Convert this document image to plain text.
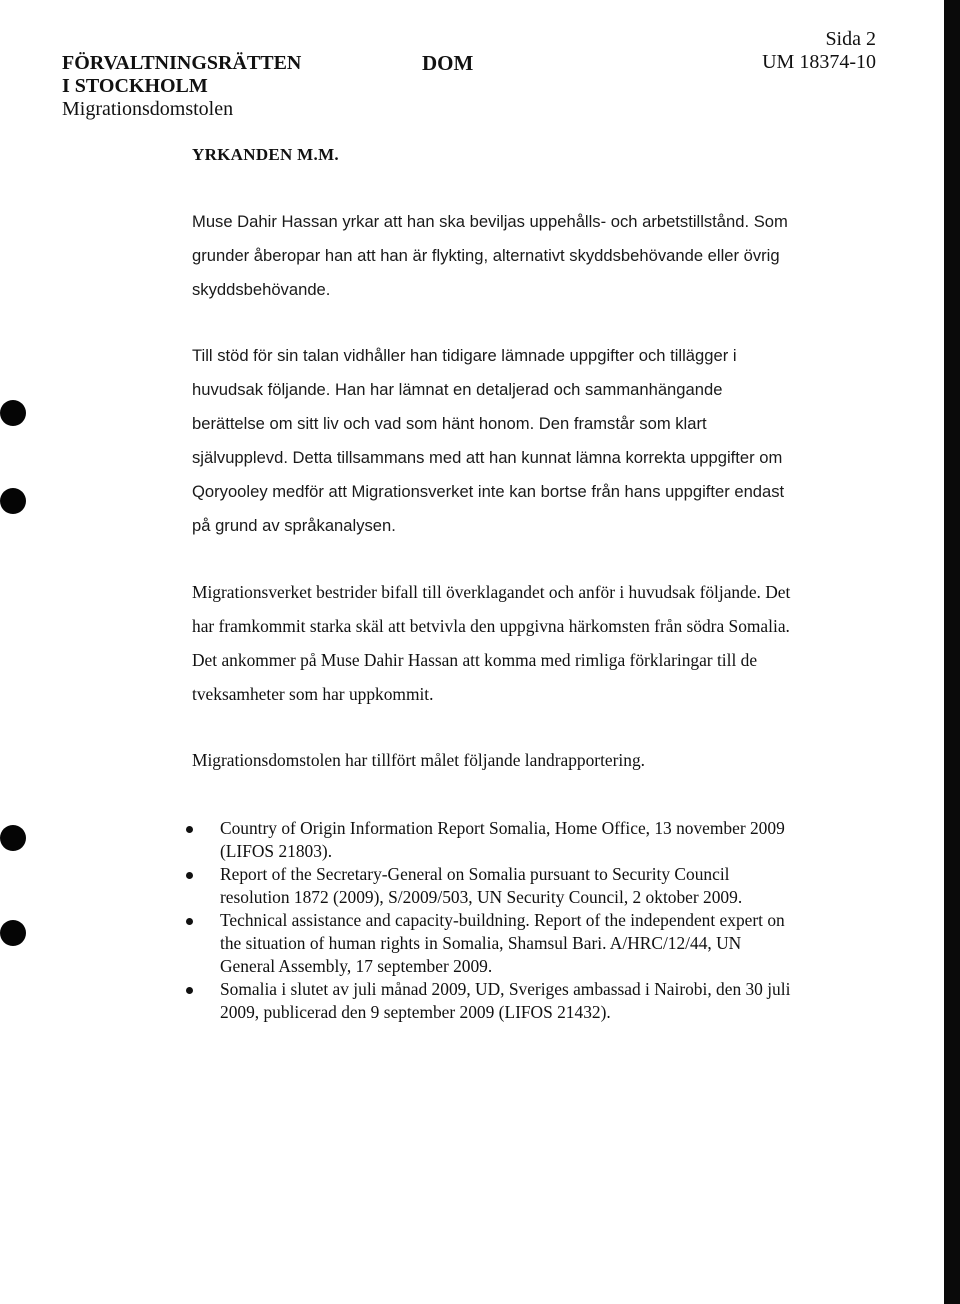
FÖRVALTNINGSRÄTTEN
I STOCKHOLM
Migrationsdomstolen
DOM
Sida 2
UM 18374-10
YRKANDEN M.M.

Muse Dahir Hassan yrkar att han ska beviljas uppehålls- och arbetstillstånd. Som grunder åberopar han att han är flykting, alternativt skyddsbehövande eller övrig skyddsbehövande.

Till stöd för sin talan vidhåller han tidigare lämnade uppgifter och tillägger i huvudsak följande. Han har lämnat en detaljerad och sammanhängande berättelse om sitt liv och vad som hänt honom. Den framstår som klart självupplevd. Detta tillsammans med att han kunnat lämna korrekta uppgifter om Qoryooley medför att Migrationsverket inte kan bortse från hans uppgifter endast på grund av språkanalysen.

Migrationsverket bestrider bifall till överklagandet och anför i huvudsak följande. Det har framkommit starka skäl att betvivla den uppgivna härkomsten från södra Somalia. Det ankommer på Muse Dahir Hassan att komma med rimliga förklaringar till de tveksamheter som har uppkommit.

Migrationsdomstolen har tillfört målet följande landrapportering.

Country of Origin Information Report Somalia, Home Office, 13 november 2009 (LIFOS 21803).
Report of the Secretary-General on Somalia pursuant to Security Council resolution 1872 (2009), S/2009/503, UN Security Council, 2 oktober 2009.
Technical assistance and capacity-buildning. Report of the independent expert on the situation of human rights in Somalia, Shamsul Bari. A/HRC/12/44, UN General Assembly, 17 september 2009.
Somalia i slutet av juli månad 2009, UD, Sveriges ambassad i Nairobi, den 30 juli 2009, publicerad den 9 september 2009 (LIFOS 21432).
